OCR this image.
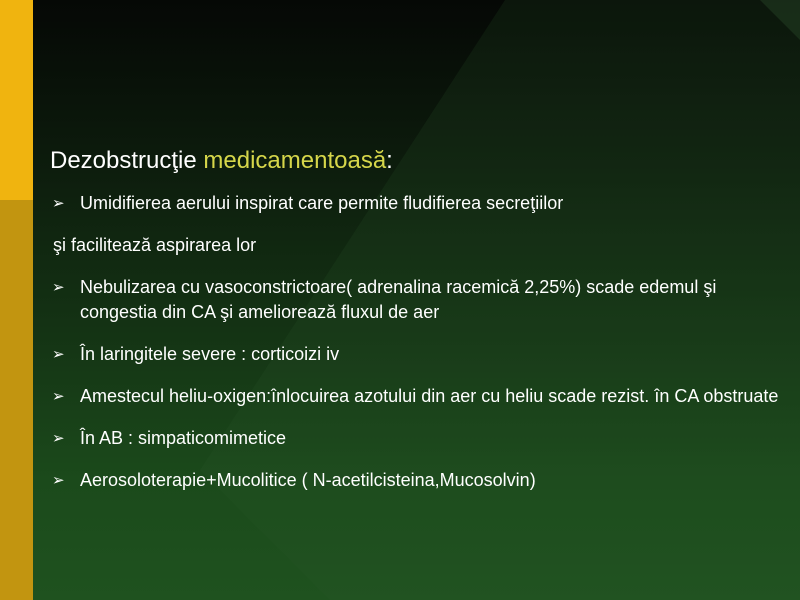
Dezobstrucţie medicamentoasă:
➢ Umidifierea aerului inspirat care permite fludifierea secreţiilor
şi facilitează aspirarea lor
➢ Nebulizarea cu vasoconstrictoare( adrenalina racemică 2,25%) scade edemul şi congestia din CA şi ameliorează fluxul de aer
➢ În laringitele severe : corticoizi iv
➢ Amestecul heliu-oxigen:înlocuirea azotului din aer cu heliu scade rezist. în CA obstruate
➢ În AB : simpaticomimetice
➢ Aerosoloterapie+Mucolitice ( N-acetilcisteina,Mucosolvin)
